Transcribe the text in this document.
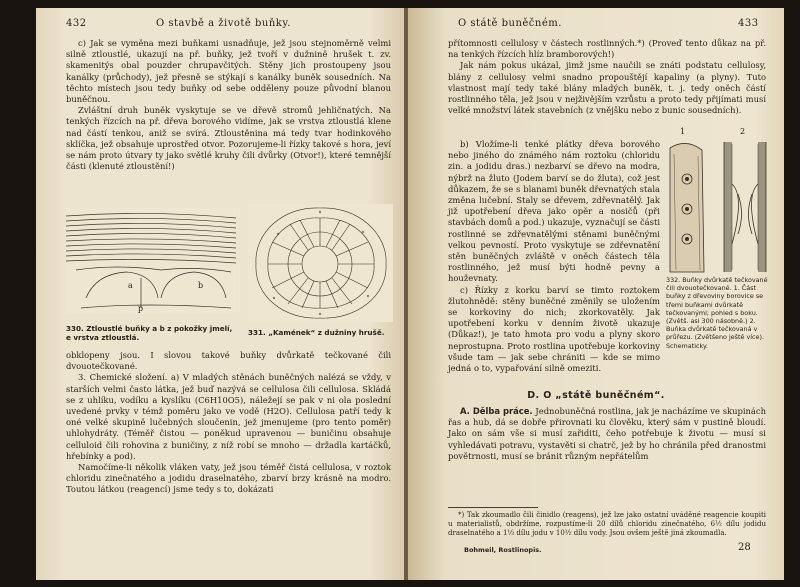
432	O stavbě a životě buňky.

c) Jak se vyměna mezi buňkami usnadňuje, jež jsou stejnoměrně velmi silně ztloustlé, ukazují na př. buňky, jež tvoří v dužnině hrušek t. zv. skamenitýs obal pouzder chrupavčitých. Stěny jich prostoupeny jsou kanálky (průchody), jež přesně se stýkají s kanálky buněk sousedních. Na těchto místech jsou tedy buňky od sebe odděleny pouze původní blanou buněčnou.

Zvláštní druh buněk vyskytuje se ve dřevě stromů jehličnatých. Na tenkých řízcích na př. dřeva borového vidíme, jak se vrstva ztloustlá klene nad částí tenkou, aniž se svírá. Ztloustěnina má tedy tvar hodinkového sklíčka, jež obsahuje uprostřed otvor. Pozorujeme-li řízky takové s hora, jeví se nám proto útvary ty jako světlé kruhy čili dvůrky (Otvor!), které temnější části (klenuté ztloustění!)

a	b
p
330. Ztloustlé buňky a b z pokožky jmelí, e vrstva ztloustlá.
331. „Kamének“ z dužniny hrušě.

obklopeny jsou. I slovou takové buňky dvůrkatě tečkované čili dvouotečkované.

3. Chemické složení. a) V mladých stěnách buněčných nalézá se vždy, v starších velmi často látka, jež buď nazývá se cellulosa čili cellulosa. Skládá se z uhlíku, vodíku a kyslíku (C6H10O5), náležejí se pak v ni ola poslední uvedené prvky v témž poměru jako ve vodě (H2O). Cellulosa patří tedy k oné velké skupině lučebných sloučenin, jež jmenujeme (pro tento poměr) uhlohydráty. (Téměř čistou — poněkud upravenou — buničinu obsahuje celluloid čili rohovina z buničiny, z níž robí se mnoho — držadla kartáčků, hřebínky a pod).

Namočíme-li několik vláken vaty, jež jsou téměř čistá cellulosa, v roztok chloridu zinečnatého a jodidu draselnatého, zbarví brzy krásně na modro. Toutou látkou (reagencí) jsme tedy s to, dokázati

O státě buněčném.	433

přítomnosti cellulosy v částech rostlinných.*) (Proveď tento důkaz na př. na tenkých řízcích hlíz bramborových!)

Jak nám pokus ukázal, jimž jsme naučili se znáti podstatu cellulosy, blány z cellulosy velmi snadno propouštějí kapaliny (a plyny). Tuto vlastnost mají tedy také blány mladých buněk, t. j. tedy oněch částí rostlinného těla, jež jsou v nejživějším vzrůstu a proto tedy přijímati musí velké množství látek stavebních (z vnějšku nebo z bunic sousedních).

b) Vložíme-li tenké plátky dřeva borového nebo jiného do známého nám roztoku (chloridu zin. a jodidu dras.) nezbarví se dřevo na modra, nýbrž na žluto (Jodem barví se do žluta), což jest důkazem, že se s blanami buněk dřevnatých stala změna lučební. Staly se dřevem, zdřevnatělý. Jak již upotřebení dřeva jako opěr a nosičů (při stavbách domů a pod.) ukazuje, vyznačují se části rostlinné se zdřevnatělými stěnami buněčnými velkou pevností. Proto vyskytuje se zdřevnatění stěn buněčných zvláště v oněch částech těla rostlinného, jež musí býti hodně pevny a houževnaty.

c) Řízky z korku barví se timto roztokem žlutohnědě: stěny buněčné změnily se uložením se korkoviny do nich; zkorkovatěly. Jak upotřebení korku v denním životě ukazuje (Důkaz!), je tato hmota pro vodu a plyny skoro neprostupna. Proto rostlina upotřebuje korkoviny všude tam — jak sebe chrániti — kde se mimo jedná o to, vypařování silně omeziti.

1	2
332. Buňky dvůrkatě tečkované čili dvouotečkované. 1. Část buňky z dřevoviny borovice se třemi buňkami dvůrkatě tečkovanými; pohled s boku. (Zvětš. asi 300 násobně.) 2. Buňka dvůrkatě tečkovaná v průřezu. (Zvětšeno ještě více). Schematicky.
D. O „státě buněčném“.

A. Dělba práce. Jednobuněčná rostlina, jak je nacházíme ve skupinách řas a hub, dá se dobře přirovnati ku člověku, který sám v pustině bloudí. Jako on sám vše si musí zařiditi, čeho potřebuje k životu — musí si vyhledávati potravu, vystavěti si chatrč, jež by ho chránila před dranostmi povětrnosti, musí se bránit různým nepřátelům

*) Tak zkoumadlo čili činidlo (reagens), jež lze jako ostatní uváděné reagencie koupiti u materialistů, obdržíme, rozpustíme-li 20 dílů chloridu zinečnatého, 6½ dílu jodidu draselnatého a 1⅓ dílu jodu v 10½ dílu vody. Jsou ovšem ještě jiná zkoumadla.

Bohmeil, Rostlinopis.	28
